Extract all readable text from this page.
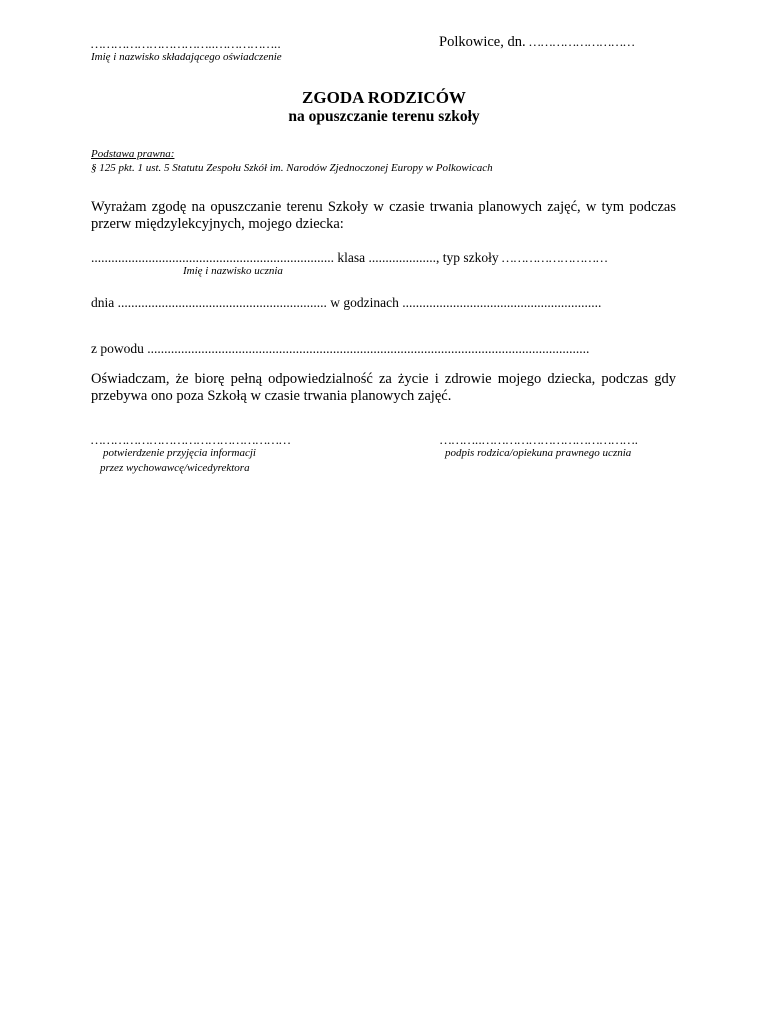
…………………………..……………..
Imię i nazwisko składającego oświadczenie
Polkowice, dn. ………………………
ZGODA RODZICÓW
na opuszczanie terenu szkoły
Podstawa prawna:
§ 125 pkt. 1 ust. 5 Statutu Zespołu Szkół im. Narodów Zjednoczonej Europy w Polkowicach
Wyrażam zgodę na opuszczanie terenu Szkoły w czasie trwania planowych zajęć, w tym podczas przerw międzylekcyjnych, mojego dziecka:
........................................................................ klasa ...................., typ szkoły ………………………
Imię i nazwisko ucznia
dnia .............................................................. w godzinach ...........................................................
z powodu ...................................................................................................................................
Oświadczam, że biorę pełną odpowiedzialność za życie i zdrowie mojego dziecka, podczas gdy przebywa ono poza Szkołą w czasie trwania planowych zajęć.
……………………………………………
potwierdzenie przyjęcia informacji
przez wychowawcę/wicedyrektora
………..………………………………….
podpis rodzica/opiekuna prawnego ucznia
